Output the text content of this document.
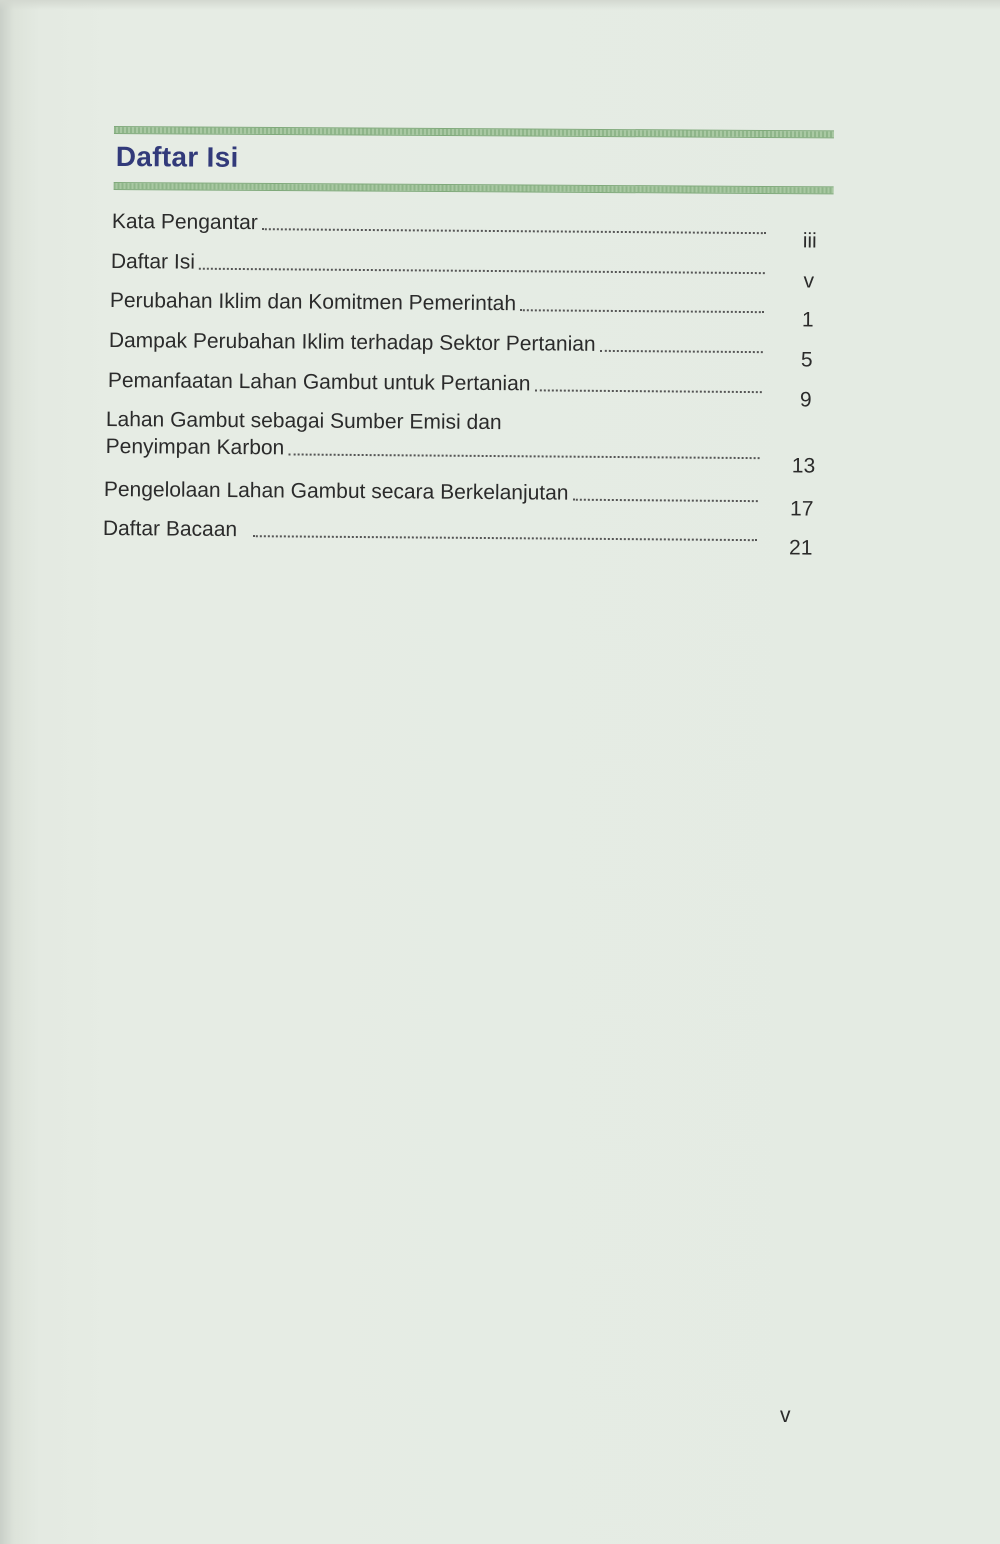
Daftar Isi
Kata Pengantar
iii
Daftar Isi
v
Perubahan Iklim dan Komitmen Pemerintah
1
Dampak Perubahan Iklim terhadap Sektor Pertanian
5
Pemanfaatan Lahan Gambut untuk Pertanian
9
Lahan Gambut sebagai Sumber Emisi dan
Penyimpan Karbon
13
Pengelolaan Lahan Gambut secara Berkelanjutan
17
Daftar Bacaan
21
v
